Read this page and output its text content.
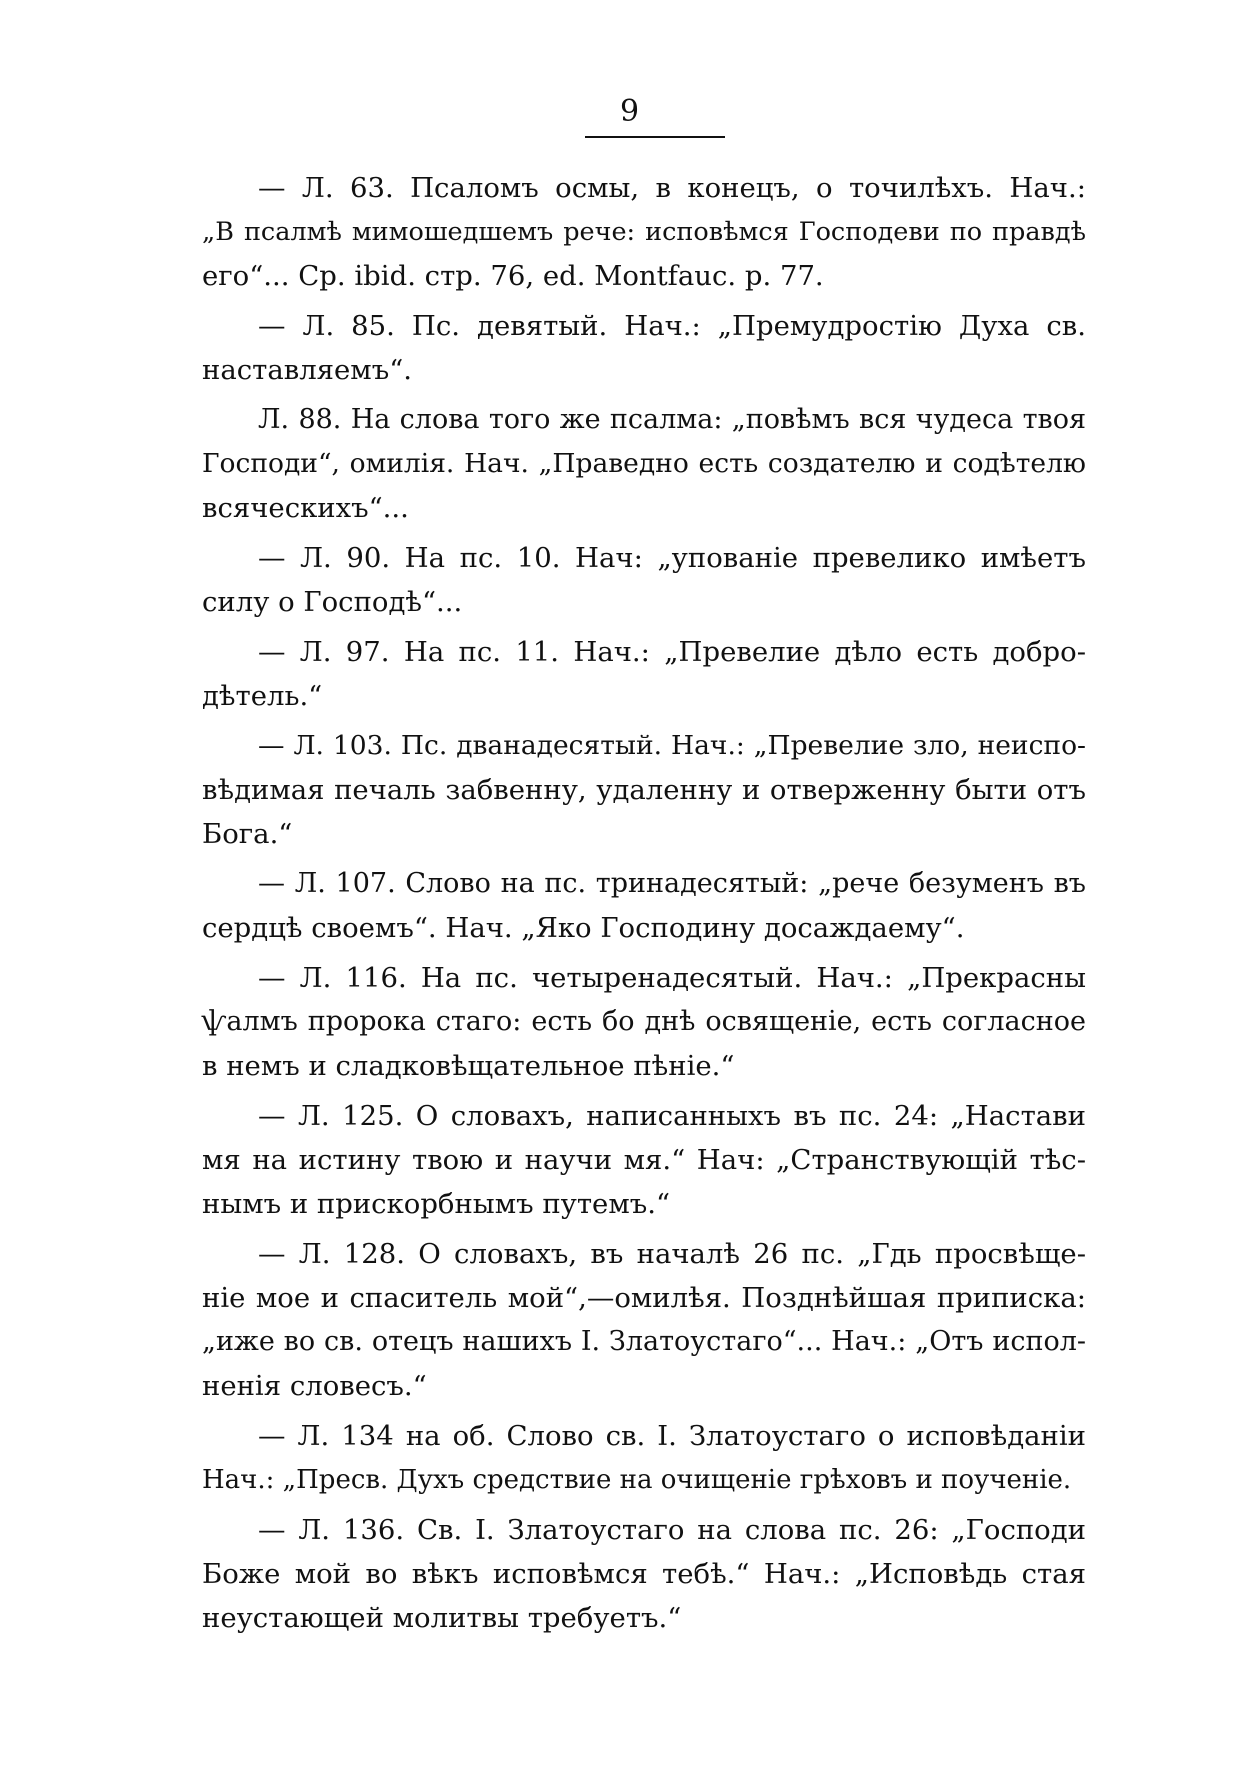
9
— Л. 63. Псаломъ осмы, в конецъ, о точилѣхъ. Нач.:
„В псалмѣ мимошедшемъ рече: исповѣмся Господеви по правдѣ
его“... Ср. ibid. стр. 76, ed. Montfauc. p. 77.
— Л. 85. Пс. девятый. Нач.: „Премудростію Духа св.
наставляемъ“.
Л. 88. На слова того же псалма: „повѣмъ вся чудеса твоя
Господи“, омилія. Нач. „Праведно есть создателю и содѣтелю
всяческихъ“...
— Л. 90. На пс. 10. Нач: „упованіе превелико имѣетъ
силу о Господѣ“...
— Л. 97. На пс. 11. Нач.: „Превелие дѣло есть добро-
дѣтель.“
— Л. 103. Пс. дванадесятый. Нач.: „Превелие зло, неиспо-
вѣдимая печаль забвенну, удаленну и отверженну быти отъ
Бога.“
— Л. 107. Слово на пс. тринадесятый: „рече безуменъ въ
сердцѣ своемъ“. Нач. „Яко Господину досаждаему“.
— Л. 116. На пс. четыренадесятый. Нач.: „Прекрасны
ѱалмъ пророка стаго: есть бо днѣ освященіе, есть согласное
в немъ и сладковѣщательное пѣніе.“
— Л. 125. О словахъ, написанныхъ въ пс. 24: „Настави
мя на истину твою и научи мя.“ Нач: „Странствующій тѣс-
нымъ и прискорбнымъ путемъ.“
— Л. 128. О словахъ, въ началѣ 26 пс. „Гдь просвѣще-
ніе мое и спаситель мой“,—омилѣя. Позднѣйшая приписка:
„иже во св. отецъ нашихъ І. Златоустаго“... Нач.: „Отъ испол-
ненія словесъ.“
— Л. 134 на об. Слово св. І. Златоустаго о исповѣданіи
Нач.: „Пресв. Духъ средствие на очищеніе грѣховъ и поученіе.
— Л. 136. Св. І. Златоустаго на слова пс. 26: „Господи
Боже мой во вѣкъ исповѣмся тебѣ.“ Нач.: „Исповѣдь стая
неустающей молитвы требуетъ.“
